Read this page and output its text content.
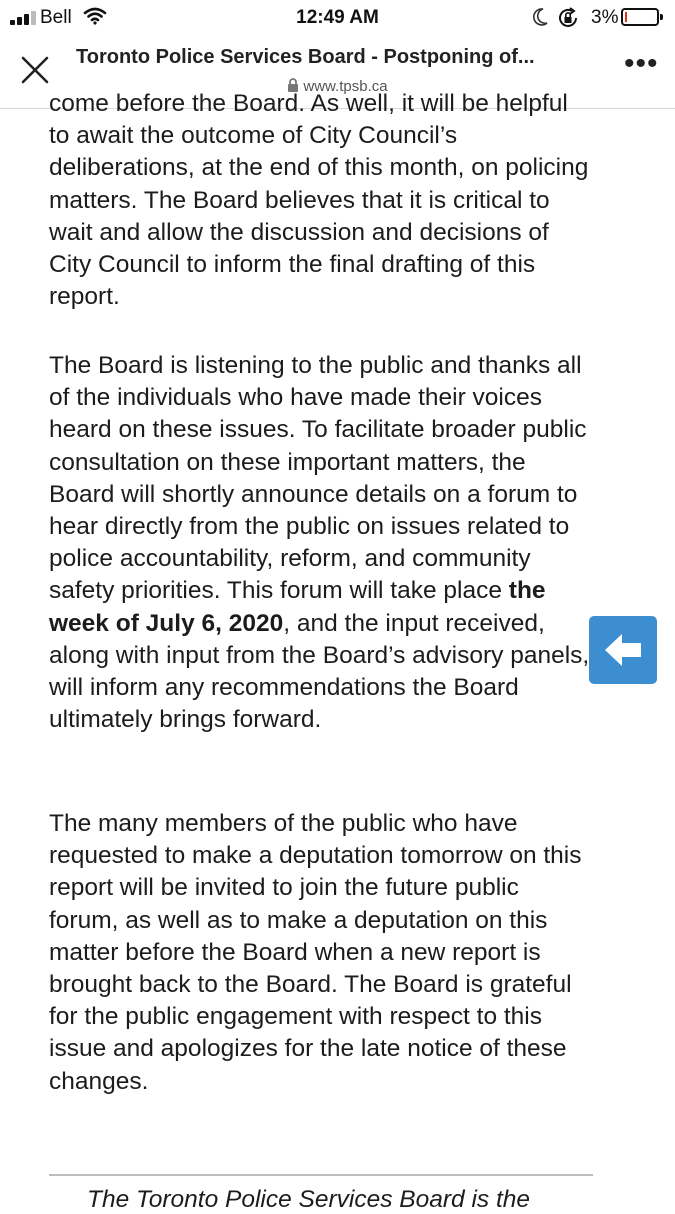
Bell	12:49 AM	3%
Toronto Police Services Board - Postponing of...
www.tpsb.ca
•••

come before the Board. As well, it will be helpful to await the outcome of City Council’s deliberations, at the end of this month, on policing matters. The Board believes that it is critical to wait and allow the discussion and decisions of City Council to inform the final drafting of this report.

The Board is listening to the public and thanks all of the individuals who have made their voices heard on these issues. To facilitate broader public consultation on these important matters, the Board will shortly announce details on a forum to hear directly from the public on issues related to police accountability, reform, and community safety priorities. This forum will take place the week of July 6, 2020, and the input received, along with input from the Board’s advisory panels, will inform any recommendations the Board ultimately brings forward.

The many members of the public who have requested to make a deputation tomorrow on this report will be invited to join the future public forum, as well as to make a deputation on this matter before the Board when a new report is brought back to the Board. The Board is grateful for the public engagement with respect to this issue and apologizes for the late notice of these changes.

The Toronto Police Services Board is the
